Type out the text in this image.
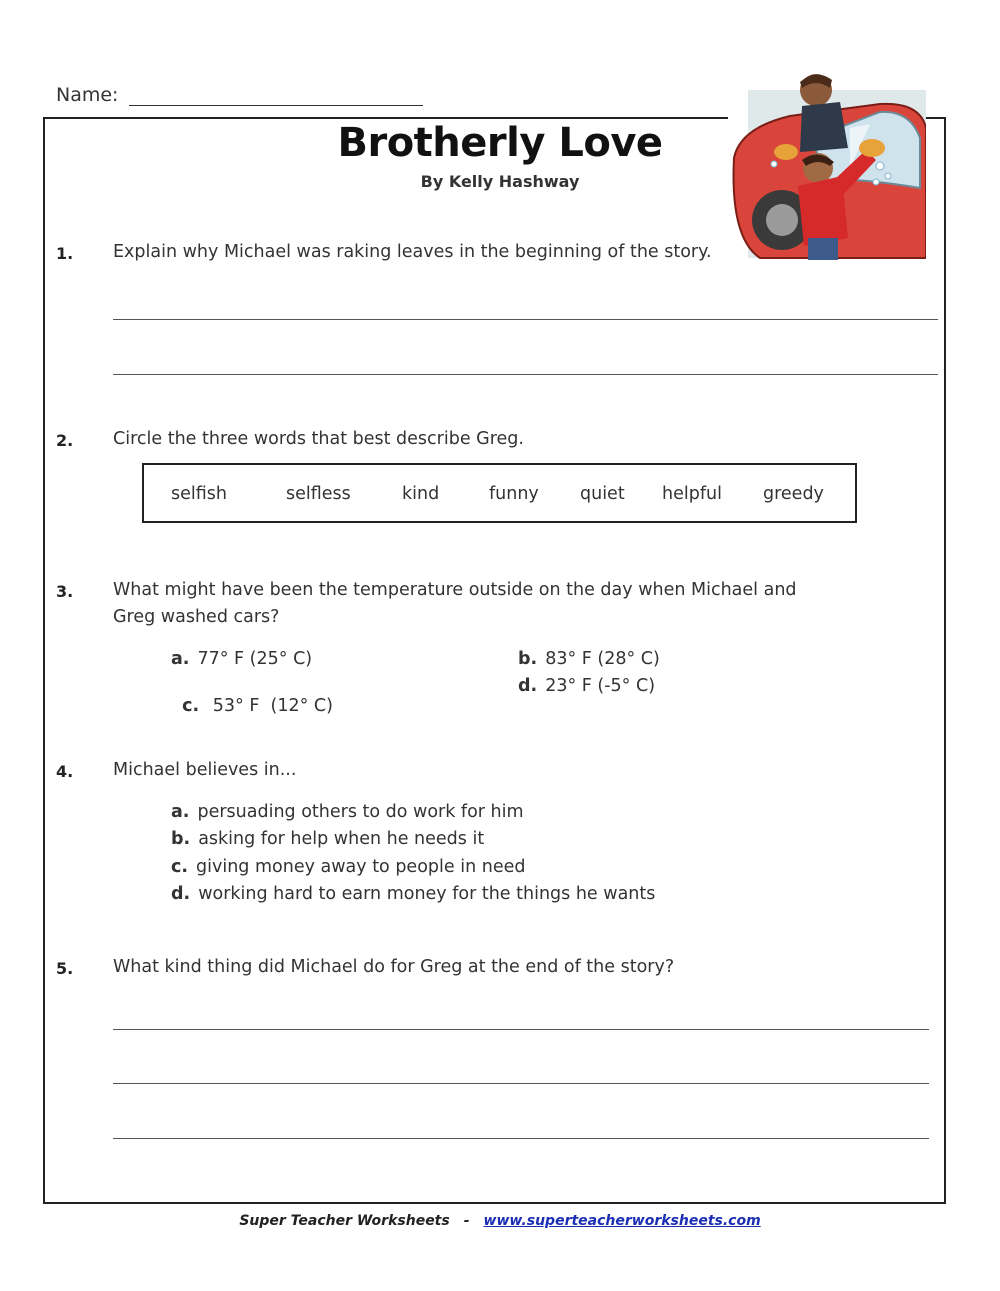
Name:
Brotherly Love
By Kelly Hashway
1. Explain why Michael was raking leaves in the beginning of the story.
2. Circle the three words that best describe Greg.
selfish	selfless	kind	funny quiet helpful greedy
3. What might have been the temperature outside on the day when Michael and
Greg washed cars?
a. 77° F (25° C)	b. 83° F (28° C)

c. 53° F  (12° C)

d. 23° F (-5° C)
4. Michael believes in...
a. persuading others to do work for him
b. asking for help when he needs it
c. giving money away to people in need
d. working hard to earn money for the things he wants
5. What kind thing did Michael do for Greg at the end of the story?
Super Teacher Worksheets - www.superteacherworksheets.com
